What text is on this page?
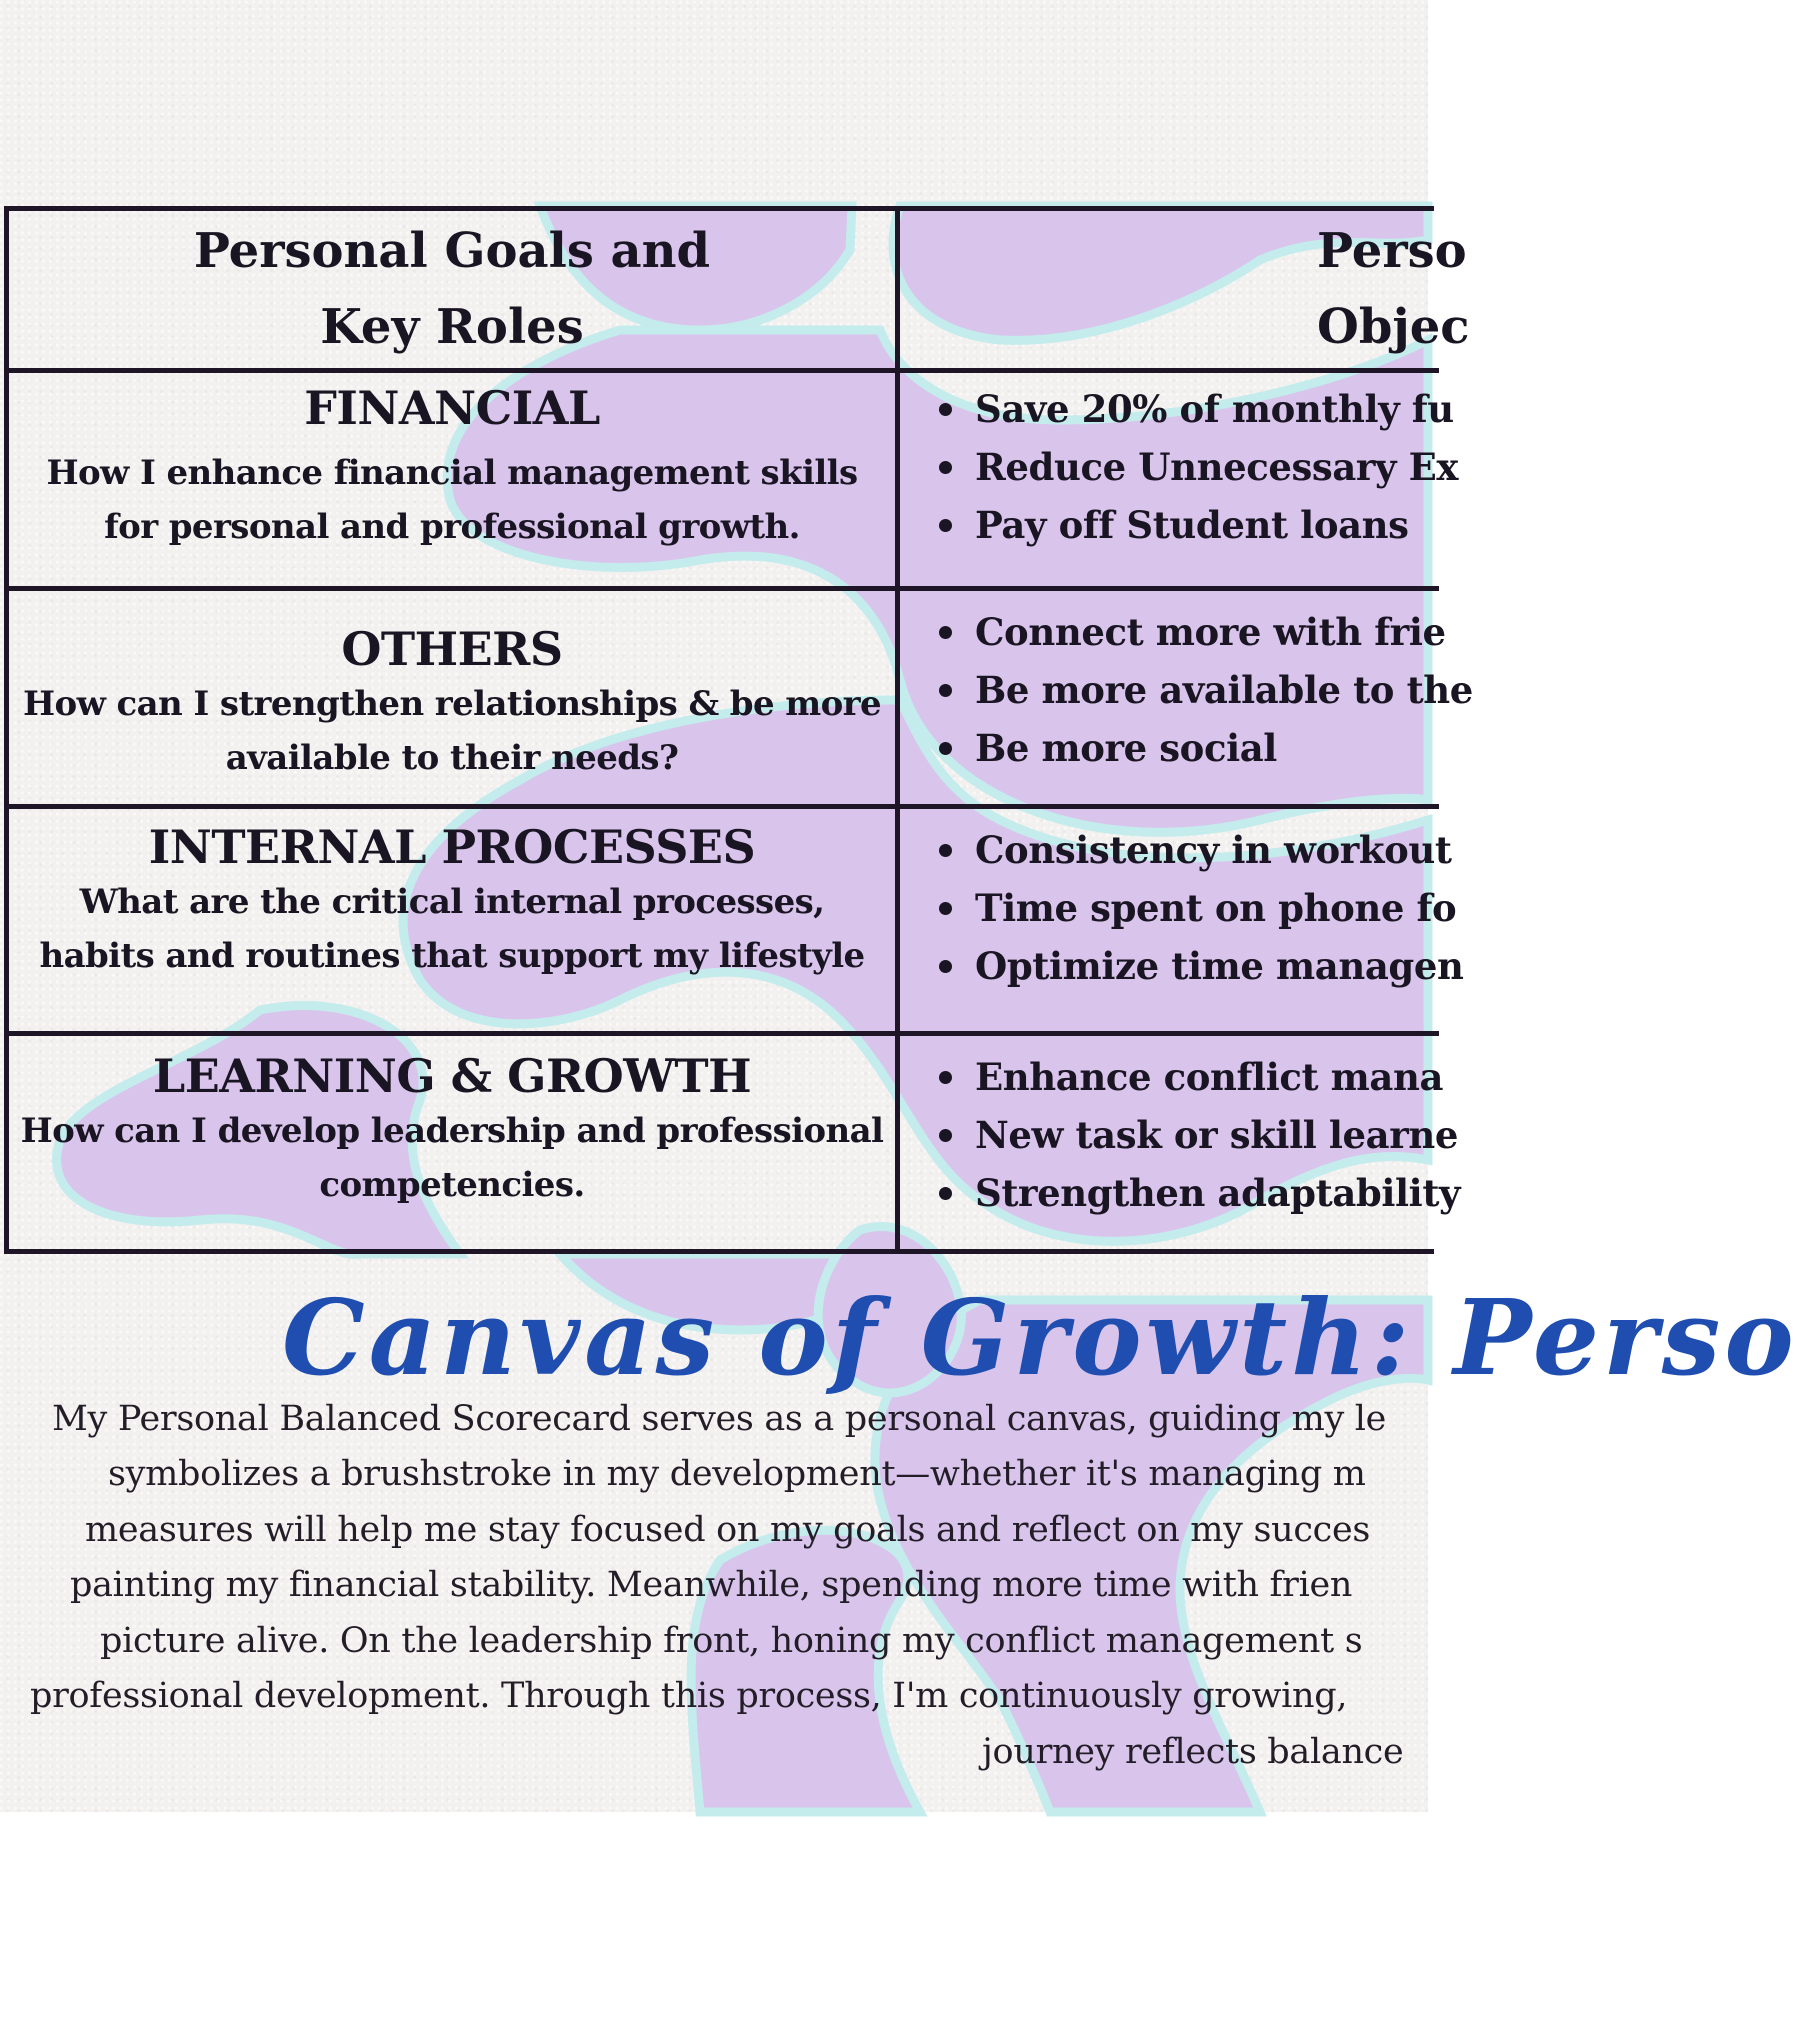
Personal Goals and
Key Roles
Perso
Objec
FINANCIAL
How I enhance financial management skills
for personal and professional growth.
Save 20% of monthly fu
Reduce Unnecessary Ex
Pay off Student loans
OTHERS
How can I strengthen relationships & be more
available to their needs?
Connect more with frie
Be more available to the
Be more social
INTERNAL PROCESSES
What are the critical internal processes,
habits and routines that support my lifestyle
Consistency in workout
Time spent on phone fo
Optimize time managen
LEARNING & GROWTH
How can I develop leadership and professional
competencies.
Enhance conflict mana
New task or skill learne
Strengthen adaptability
Canvas of Growth: Perso
My Personal Balanced Scorecard serves as a personal canvas, guiding my le
symbolizes a brushstroke in my development—whether it's managing m
measures will help me stay focused on my goals and reflect on my succes
painting my financial stability. Meanwhile, spending more time with frien
picture alive. On the leadership front, honing my conflict management s
professional development. Through this process, I'm continuously growing,
journey reflects balance
